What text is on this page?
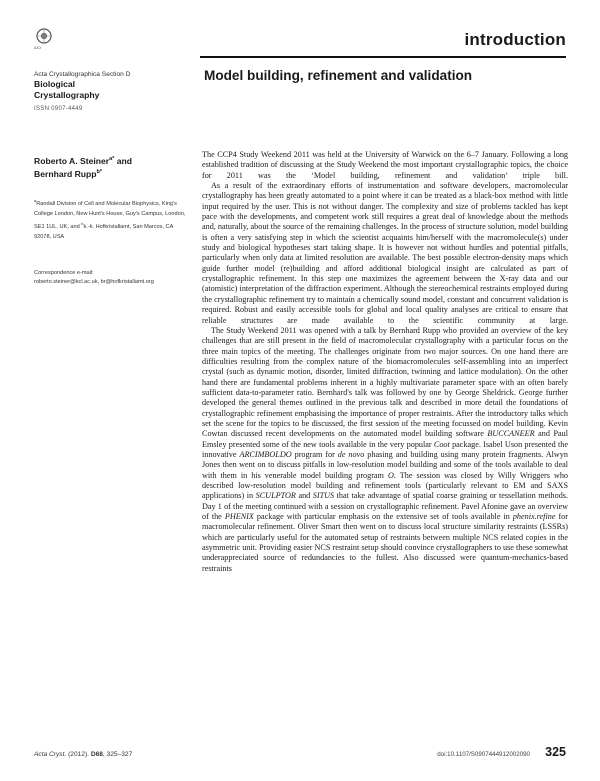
IUCr	introduction
Acta Crystallographica Section D
Biological
Crystallography
ISSN 0907-4449
Model building, refinement and validation
Roberto A. Steiner$^{a*}$ and
Bernhard Rupp$^{b*}$
$^a$Randall Division of Cell and Molecular Biophysics, King's College London, New Hunt's House, Guy's Campus, London, SE1 1UL, UK, and $^b$k.-k. Hofkristallamt, San Marcos, CA 92078, USA
Correspondence e-mail:
roberto.steiner@kcl.ac.uk, br@hofkristallamt.org

The CCP4 Study Weekend 2011 was held at the University of Warwick on the 6–7 January. Following a long established tradition of discussing at the Study Weekend the most important crystallographic topics, the choice for 2011 was the ‘Model building, refinement and validation’ triple bill.

As a result of the extraordinary efforts of instrumentation and software developers, macromolecular crystallography has been greatly automated to a point where it can be treated as a black-box method with little input required by the user. This is not without danger. The complexity and size of problems tackled has kept pace with the developments, and competent work still requires a great deal of knowledge about the methods and, naturally, about the source of the remaining challenges. In the process of structure solution, model building is often a very satisfying step in which the scientist acquaints him/herself with the macromolecule(s) under study and biological hypotheses start taking shape. It is however not without hurdles and potential pitfalls, particularly when only data at limited resolution are available. The best possible electron-density maps which guide further model (re)building and afford additional biological insight are calculated as part of crystallographic refinement. In this step one maximizes the agreement between the X-ray data and our (atomistic) interpretation of the diffraction experiment. Although the stereochemical restraints employed during the crystallographic refinement try to maintain a chemically sound model, constant and concurrent validation is required. Robust and easily accessible tools for global and local quality analyses are critical to ensure that reliable structures are made available to the scientific community at large.

The Study Weekend 2011 was opened with a talk by Bernhard Rupp who provided an overview of the key challenges that are still present in the field of macromolecular crystallography with a particular focus on the three main topics of the meeting. The challenges originate from two major sources. On one hand there are difficulties resulting from the complex nature of the biomacromolecules self-assembling into an imperfect crystal (such as dynamic motion, disorder, limited diffraction, twinning and lattice modulation). On the other hand there are fundamental problems inherent in a highly multivariate parameter space with an often barely sufficient data-to-parameter ratio. Bernhard's talk was followed by one by George Sheldrick. George further developed the general themes outlined in the previous talk and described in more detail the foundations of crystallographic refinement emphasising the importance of proper restraints. After the introductory talks which set the scene for the topics to be discussed, the first session of the meeting focussed on model building. Kevin Cowtan discussed recent developments on the automated model building software BUCCANEER and Paul Emsley presented some of the new tools available in the very popular Coot package. Isabel Uson presented the innovative ARCIMBOLDO program for de novo phasing and building using many protein fragments. Alwyn Jones then went on to discuss pitfalls in low-resolution model building and some of the tools available to deal with them in his venerable model building program O. The session was closed by Willy Wriggers who described low-resolution model building and refinement tools (particularly relevant to EM and SAXS applications) in SCULPTOR and SITUS that take advantage of spatial coarse graining or tessellation methods. Day 1 of the meeting continued with a session on crystallographic refinement. Pavel Afonine gave an overview of the PHENIX package with particular emphasis on the extensive set of tools available in phenix.refine for macromolecular refinement. Oliver Smart then went on to discuss local structure similarity restraints (LSSRs) which are particularly useful for the automated setup of restraints between multiple NCS related copies in the asymmetric unit. Providing easier NCS restraint setup should convince crystallographers to use these somewhat underappreciated source of redundancies to the fullest. Also discussed were quantum-mechanics-based restraints

Acta Cryst. (2012). D68, 325–327	doi:10.1107/S0907444912002090 325
